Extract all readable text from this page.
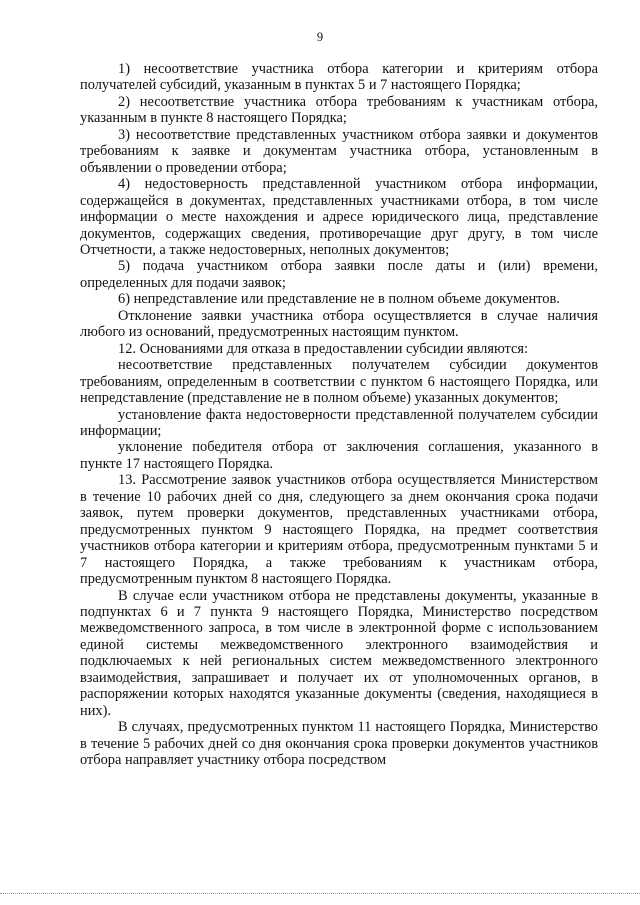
9

1) несоответствие участника отбора категории и критериям отбора получателей субсидий, указанным в пунктах 5 и 7 настоящего Порядка;

2) несоответствие участника отбора требованиям к участникам отбора, указанным в пункте 8 настоящего Порядка;

3) несоответствие представленных участником отбора заявки и документов требованиям к заявке и документам участника отбора, установленным в объявлении о проведении отбора;

4) недостоверность представленной участником отбора информации, содержащейся в документах, представленных участниками отбора, в том числе информации о месте нахождения и адресе юридического лица, представление документов, содержащих сведения, противоречащие друг другу, в том числе Отчетности, а также недостоверных, неполных документов;

5) подача участником отбора заявки после даты и (или) времени, определенных для подачи заявок;

6) непредставление или представление не в полном объеме документов.

Отклонение заявки участника отбора осуществляется в случае наличия любого из оснований, предусмотренных настоящим пунктом.

12. Основаниями для отказа в предоставлении субсидии являются:

несоответствие представленных получателем субсидии документов требованиям, определенным в соответствии с пунктом 6 настоящего Порядка, или непредставление (представление не в полном объеме) указанных документов;

установление факта недостоверности представленной получателем субсидии информации;

уклонение победителя отбора от заключения соглашения, указанного в пункте 17 настоящего Порядка.

13. Рассмотрение заявок участников отбора осуществляется Министерством в течение 10 рабочих дней со дня, следующего за днем окончания срока подачи заявок, путем проверки документов, представленных участниками отбора, предусмотренных пунктом 9 настоящего Порядка, на предмет соответствия участников отбора категории и критериям отбора, предусмотренным пунктами 5 и 7 настоящего Порядка, а также требованиям к участникам отбора, предусмотренным пунктом 8 настоящего Порядка.

В случае если участником отбора не представлены документы, указанные в подпунктах 6 и 7 пункта 9 настоящего Порядка, Министерство посредством межведомственного запроса, в том числе в электронной форме с использованием единой системы межведомственного электронного взаимодействия и подключаемых к ней региональных систем межведомственного электронного взаимодействия, запрашивает и получает их от уполномоченных органов, в распоряжении которых находятся указанные документы (сведения, находящиеся в них).

В случаях, предусмотренных пунктом 11 настоящего Порядка, Министерство в течение 5 рабочих дней со дня окончания срока проверки документов участников отбора направляет участнику отбора посредством
